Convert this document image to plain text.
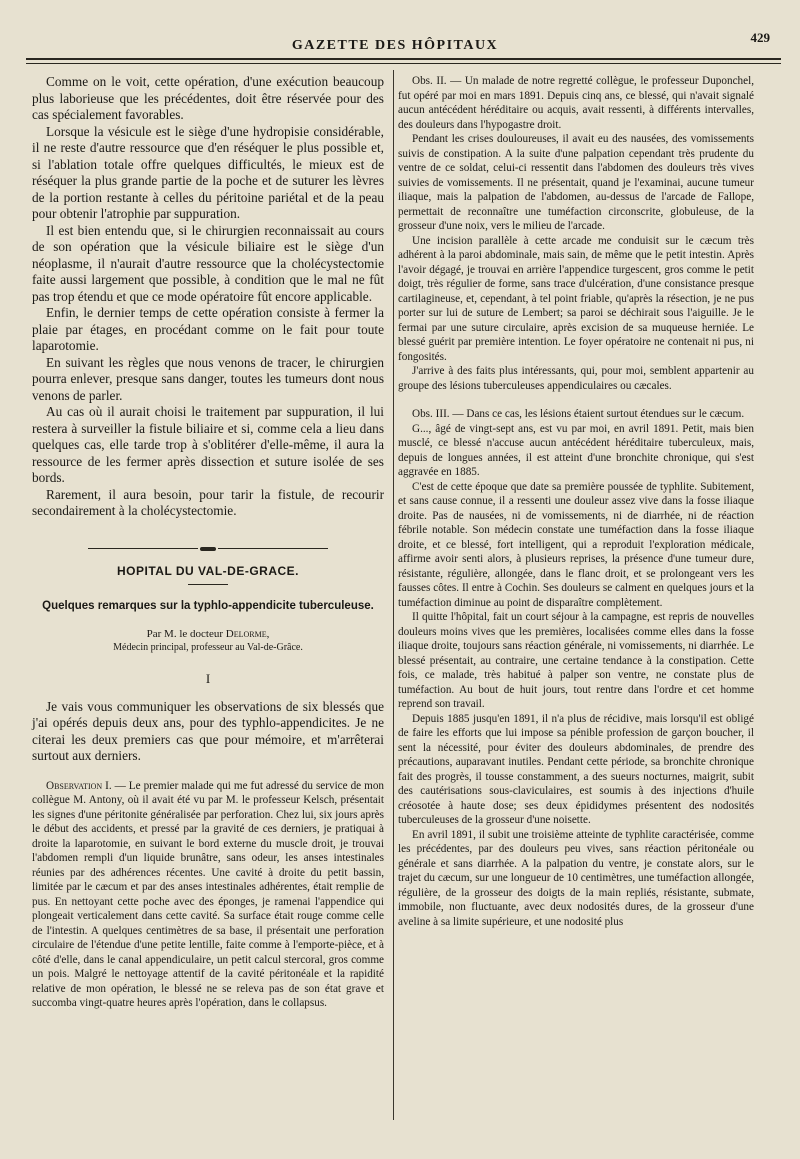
GAZETTE DES HÔPITAUX
429

Comme on le voit, cette opération, d'une exécution beaucoup plus laborieuse que les précédentes, doit être réservée pour des cas spécialement favorables.

Lorsque la vésicule est le siège d'une hydropisie considérable, il ne reste d'autre ressource que d'en réséquer le plus possible et, si l'ablation totale offre quelques difficultés, le mieux est de réséquer la plus grande partie de la poche et de suturer les lèvres de la portion restante à celles du péritoine pariétal et de la peau pour obtenir l'atrophie par suppuration.

Il est bien entendu que, si le chirurgien reconnaissait au cours de son opération que la vésicule biliaire est le siège d'un néoplasme, il n'aurait d'autre ressource que la cholécystectomie faite aussi largement que possible, à condition que le mal ne fût pas trop étendu et que ce mode opératoire fût encore applicable.

Enfin, le dernier temps de cette opération consiste à fermer la plaie par étages, en procédant comme on le fait pour toute laparotomie.

En suivant les règles que nous venons de tracer, le chirurgien pourra enlever, presque sans danger, toutes les tumeurs dont nous venons de parler.

Au cas où il aurait choisi le traitement par suppuration, il lui restera à surveiller la fistule biliaire et si, comme cela a lieu dans quelques cas, elle tarde trop à s'oblitérer d'elle-même, il aura la ressource de les fermer après dissection et suture isolée de ses bords.

Rarement, il aura besoin, pour tarir la fistule, de recourir secondairement à la cholécystectomie.

HOPITAL DU VAL-DE-GRACE.
Quelques remarques sur la typhlo-appendicite tuberculeuse.
Par M. le docteur Delorme,
Médecin principal, professeur au Val-de-Grâce.
I

Je vais vous communiquer les observations de six blessés que j'ai opérés depuis deux ans, pour des typhlo-appendicites. Je ne citerai les deux premiers cas que pour mémoire, et m'arrêterai surtout aux derniers.

Observation I. — Le premier malade qui me fut adressé du service de mon collègue M. Antony, où il avait été vu par M. le professeur Kelsch, présentait les signes d'une péritonite généralisée par perforation. Chez lui, six jours après le début des accidents, et pressé par la gravité de ces derniers, je pratiquai à droite la laparotomie, en suivant le bord externe du muscle droit, je trouvai l'abdomen rempli d'un liquide brunâtre, sans odeur, les anses intestinales réunies par des adhérences récentes. Une cavité à droite du petit bassin, limitée par le cæcum et par des anses intestinales adhérentes, était remplie de pus. En nettoyant cette poche avec des éponges, je ramenai l'appendice qui plongeait verticalement dans cette cavité. Sa surface était rouge comme celle de l'intestin. A quelques centimètres de sa base, il présentait une perforation circulaire de l'étendue d'une petite lentille, faite comme à l'emporte-pièce, et à côté d'elle, dans le canal appendiculaire, un petit calcul stercoral, gros comme un pois. Malgré le nettoyage attentif de la cavité péritonéale et la rapidité relative de mon opération, le blessé ne se releva pas de son état grave et succomba vingt-quatre heures après l'opération, dans le collapsus.

Obs. II. — Un malade de notre regretté collègue, le professeur Duponchel, fut opéré par moi en mars 1891. Depuis cinq ans, ce blessé, qui n'avait signalé aucun antécédent héréditaire ou acquis, avait ressenti, à différents intervalles, des douleurs dans l'hypogastre droit.

Pendant les crises douloureuses, il avait eu des nausées, des vomissements suivis de constipation. A la suite d'une palpation cependant très prudente du ventre de ce soldat, celui-ci ressentit dans l'abdomen des douleurs très vives suivies de vomissements. Il ne présentait, quand je l'examinai, aucune tumeur iliaque, mais la palpation de l'abdomen, au-dessus de l'arcade de Fallope, permettait de reconnaître une tuméfaction circonscrite, globuleuse, de la grosseur d'une noix, vers le milieu de l'arcade.

Une incision parallèle à cette arcade me conduisit sur le cæcum très adhérent à la paroi abdominale, mais sain, de même que le petit intestin. Après l'avoir dégagé, je trouvai en arrière l'appendice turgescent, gros comme le petit doigt, très régulier de forme, sans trace d'ulcération, d'une consistance presque cartilagineuse, et, cependant, à tel point friable, qu'après la résection, je ne pus porter sur lui de suture de Lembert; sa paroi se déchirait sous l'aiguille. Je le fermai par une suture circulaire, après excision de sa muqueuse herniée. Le blessé guérit par première intention. Le foyer opératoire ne contenait ni pus, ni fongosités.

J'arrive à des faits plus intéressants, qui, pour moi, semblent appartenir au groupe des lésions tuberculeuses appendiculaires ou cæcales.

Obs. III. — Dans ce cas, les lésions étaient surtout étendues sur le cæcum.

G..., âgé de vingt-sept ans, est vu par moi, en avril 1891. Petit, mais bien musclé, ce blessé n'accuse aucun antécédent héréditaire tuberculeux, mais, depuis de longues années, il est atteint d'une bronchite chronique, qui s'est aggravée en 1885.

C'est de cette époque que date sa première poussée de typhlite. Subitement, et sans cause connue, il a ressenti une douleur assez vive dans la fosse iliaque droite. Pas de nausées, ni de vomissements, ni de diarrhée, ni de réaction fébrile notable. Son médecin constate une tuméfaction dans la fosse iliaque droite, et ce blessé, fort intelligent, qui a reproduit l'exploration médicale, affirme avoir senti alors, à plusieurs reprises, la présence d'une tumeur dure, résistante, régulière, allongée, dans le flanc droit, et se prolongeant vers les fausses côtes. Il entre à Cochin. Ses douleurs se calment en quelques jours et la tuméfaction diminue au point de disparaître complètement.

Il quitte l'hôpital, fait un court séjour à la campagne, est repris de nouvelles douleurs moins vives que les premières, localisées comme elles dans la fosse iliaque droite, toujours sans réaction générale, ni vomissements, ni diarrhée. Le blessé présentait, au contraire, une certaine tendance à la constipation. Cette fois, ce malade, très habitué à palper son ventre, ne constate plus de tuméfaction. Au bout de huit jours, tout rentre dans l'ordre et cet homme reprend son travail.

Depuis 1885 jusqu'en 1891, il n'a plus de récidive, mais lorsqu'il est obligé de faire les efforts que lui impose sa pénible profession de garçon boucher, il sent la nécessité, pour éviter des douleurs abdominales, de prendre des précautions, auparavant inutiles. Pendant cette période, sa bronchite chronique fait des progrès, il tousse constamment, a des sueurs nocturnes, maigrit, subit des cautérisations sous-claviculaires, est soumis à des injections d'huile créosotée à haute dose; ses deux épididymes présentent des nodosités tuberculeuses de la grosseur d'une noisette.

En avril 1891, il subit une troisième atteinte de typhlite caractérisée, comme les précédentes, par des douleurs peu vives, sans réaction péritonéale ou générale et sans diarrhée. A la palpation du ventre, je constate alors, sur le trajet du cæcum, sur une longueur de 10 centimètres, une tuméfaction allongée, régulière, de la grosseur des doigts de la main repliés, résistante, submate, immobile, non fluctuante, avec deux nodosités dures, de la grosseur d'une aveline à sa limite supérieure, et une nodosité plus
